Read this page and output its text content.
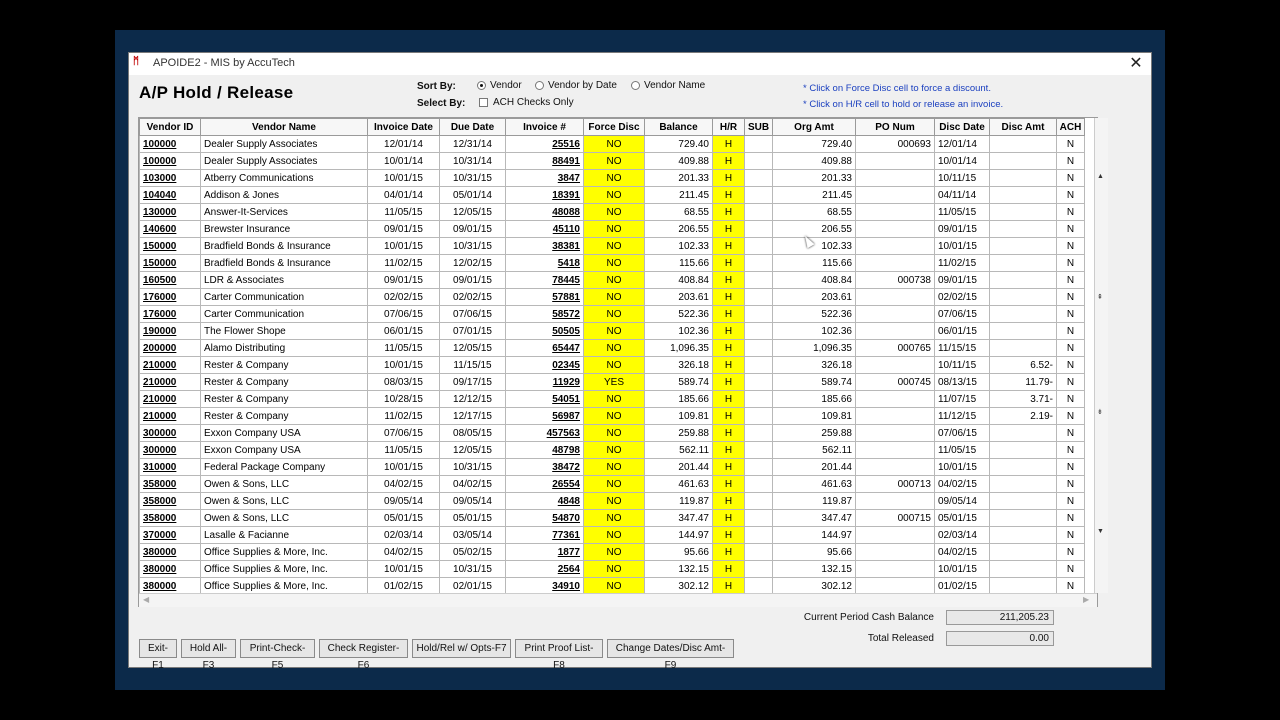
ᛗ	APOIDE2 - MIS by AccuTech	✕
A/P Hold / Release	Sort By:	Vendor	Vendor by Date	Vendor Name
Select By:	ACH Checks Only
* Click on Force Disc cell to force a discount.
* Click on H/R cell to hold or release an invoice.
Vendor ID	Vendor Name	Invoice Date	Due Date	Invoice #	Force Disc	Balance	H/R	SUB	Org Amt	PO Num	Disc Date	Disc Amt	ACH
100000	Dealer Supply Associates	12/01/14	12/31/14	25516	NO	729.40	H		729.40	000693	12/01/14		N
100000	Dealer Supply Associates	10/01/14	10/31/14	88491	NO	409.88	H		409.88		10/01/14		N
103000	Atberry Communications	10/01/15	10/31/15	3847	NO	201.33	H		201.33		10/11/15		N
104040	Addison & Jones	04/01/14	05/01/14	18391	NO	211.45	H		211.45		04/11/14		N
130000	Answer-It-Services	11/05/15	12/05/15	48088	NO	68.55	H		68.55		11/05/15		N
140600	Brewster Insurance	09/01/15	09/01/15	45110	NO	206.55	H		206.55		09/01/15		N
150000	Bradfield Bonds & Insurance	10/01/15	10/31/15	38381	NO	102.33	H		102.33		10/01/15		N
150000	Bradfield Bonds & Insurance	11/02/15	12/02/15	5418	NO	115.66	H		115.66		11/02/15		N
160500	LDR & Associates	09/01/15	09/01/15	78445	NO	408.84	H		408.84	000738	09/01/15		N
176000	Carter Communication	02/02/15	02/02/15	57881	NO	203.61	H		203.61		02/02/15		N
176000	Carter Communication	07/06/15	07/06/15	58572	NO	522.36	H		522.36		07/06/15		N
190000	The Flower Shope	06/01/15	07/01/15	50505	NO	102.36	H		102.36		06/01/15		N
200000	Alamo Distributing	11/05/15	12/05/15	65447	NO	1,096.35	H		1,096.35	000765	11/15/15		N
210000	Rester & Company	10/01/15	11/15/15	02345	NO	326.18	H		326.18		10/11/15	6.52-	N
210000	Rester & Company	08/03/15	09/17/15	11929	YES	589.74	H		589.74	000745	08/13/15	11.79-	N
210000	Rester & Company	10/28/15	12/12/15	54051	NO	185.66	H		185.66		11/07/15	3.71-	N
210000	Rester & Company	11/02/15	12/17/15	56987	NO	109.81	H		109.81		11/12/15	2.19-	N
300000	Exxon Company USA	07/06/15	08/05/15	457563	NO	259.88	H		259.88		07/06/15		N
300000	Exxon Company USA	11/05/15	12/05/15	48798	NO	562.11	H		562.11		11/05/15		N
310000	Federal Package Company	10/01/15	10/31/15	38472	NO	201.44	H		201.44		10/01/15		N
358000	Owen & Sons, LLC	04/02/15	04/02/15	26554	NO	461.63	H		461.63	000713	04/02/15		N
358000	Owen & Sons, LLC	09/05/14	09/05/14	4848	NO	119.87	H		119.87		09/05/14		N
358000	Owen & Sons, LLC	05/01/15	05/01/15	54870	NO	347.47	H		347.47	000715	05/01/15		N
370000	Lasalle & Facianne	02/03/14	03/05/14	77361	NO	144.97	H		144.97		02/03/14		N
380000	Office Supplies & More, Inc.	04/02/15	05/02/15	1877	NO	95.66	H		95.66		04/02/15		N
380000	Office Supplies & More, Inc.	10/01/15	10/31/15	2564	NO	132.15	H		132.15		10/01/15		N
380000	Office Supplies & More, Inc.	01/02/15	02/01/15	34910	NO	302.12	H		302.12		01/02/15		N
▲
⇞
⇟
▼
◀	▶
Current Period Cash Balance	211,205.23
Total Released	0.00
Exit-F1
Hold All-F3
Print-Check-F5
Check Register-F6
Hold/Rel w/ Opts-F7	Print Proof List-F8
Change Dates/Disc Amt-F9
